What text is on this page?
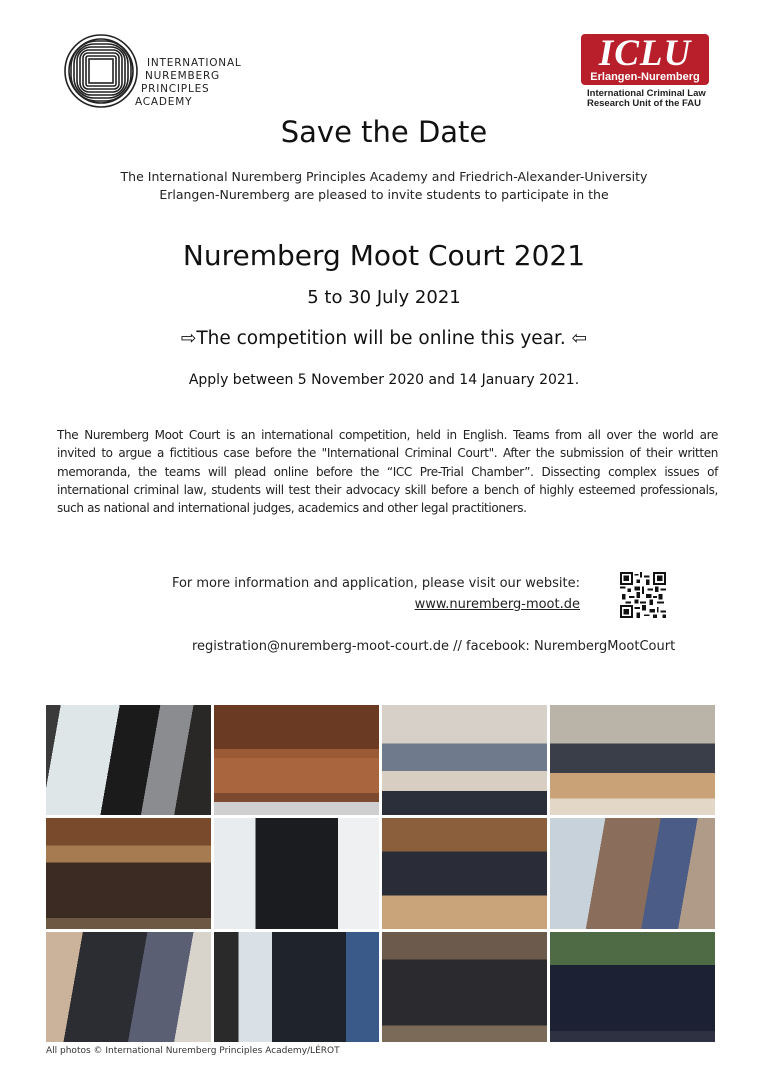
INTERNATIONAL
NUREMBERG
PRINCIPLES
ACADEMY
ICLU
Erlangen-Nuremberg
International Criminal Law
Research Unit of the FAU
Save the Date
The International Nuremberg Principles Academy and Friedrich-Alexander-University
Erlangen-Nuremberg are pleased to invite students to participate in the
Nuremberg Moot Court 2021
5 to 30 July 2021
⇨The competition will be online this year. ⇦
Apply between 5 November 2020 and 14 January 2021.
The Nuremberg Moot Court is an international competition, held in English. Teams from all over the world are invited to argue a fictitious case before the "International Criminal Court". After the submission of their written memoranda, the teams will plead online before the “ICC Pre-Trial Chamber”. Dissecting complex issues of international criminal law, students will test their advocacy skill before a bench of highly esteemed professionals, such as national and international judges, academics and other legal practitioners.
For more information and application, please visit our website:
www.nuremberg-moot.de
registration@nuremberg-moot-court.de // facebook: NurembergMootCourt
All photos © International Nuremberg Principles Academy/LÉROT
